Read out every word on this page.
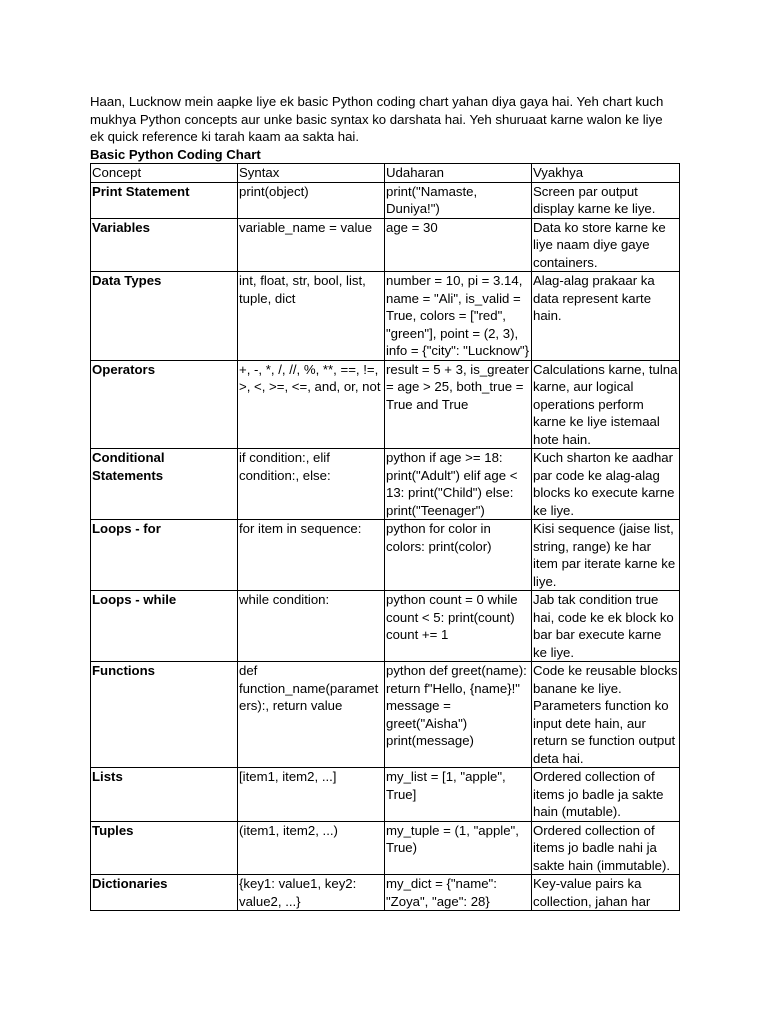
Haan, Lucknow mein aapke liye ek basic Python coding chart yahan diya gaya hai. Yeh chart kuch mukhya Python concepts aur unke basic syntax ko darshata hai. Yeh shuruaat karne walon ke liye ek quick reference ki tarah kaam aa sakta hai.

Basic Python Coding Chart

Concept	Syntax	Udaharan	Vyakhya
Print Statement	print(object)	print("Namaste, Duniya!")	Screen par output display karne ke liye.
Variables	variable_name = value	age = 30	Data ko store karne ke liye naam diye gaye containers.
Data Types	int, float, str, bool, list, tuple, dict	number = 10, pi = 3.14, name = "Ali", is_valid = True, colors = ["red", "green"], point = (2, 3), info = {"city": "Lucknow"}	Alag-alag prakaar ka data represent karte hain.
Operators	+, -, *, /, //, %, **, ==, !=, >, <, >=, <=, and, or, not	result = 5 + 3, is_greater = age > 25, both_true = True and True	Calculations karne, tulna karne, aur logical operations perform karne ke liye istemaal hote hain.
Conditional Statements	if condition:, elif condition:, else:	python if age >= 18: print("Adult") elif age < 13: print("Child") else: print("Teenager")	Kuch sharton ke aadhar par code ke alag-alag blocks ko execute karne ke liye.
Loops - for	for item in sequence:	python for color in colors: print(color)	Kisi sequence (jaise list, string, range) ke har item par iterate karne ke liye.
Loops - while	while condition:	python count = 0 while count < 5: print(count) count += 1	Jab tak condition true hai, code ke ek block ko bar bar execute karne ke liye.
Functions	def function_name(parameters):, return value	python def greet(name): return f"Hello, {name}!" message = greet("Aisha") print(message)	Code ke reusable blocks banane ke liye. Parameters function ko input dete hain, aur return se function output deta hai.
Lists	[item1, item2, ...]	my_list = [1, "apple", True]	Ordered collection of items jo badle ja sakte hain (mutable).
Tuples	(item1, item2, ...)	my_tuple = (1, "apple", True)	Ordered collection of items jo badle nahi ja sakte hain (immutable).
Dictionaries	{key1: value1, key2: value2, ...}	my_dict = {"name": "Zoya", "age": 28}	Key-value pairs ka collection, jahan har
